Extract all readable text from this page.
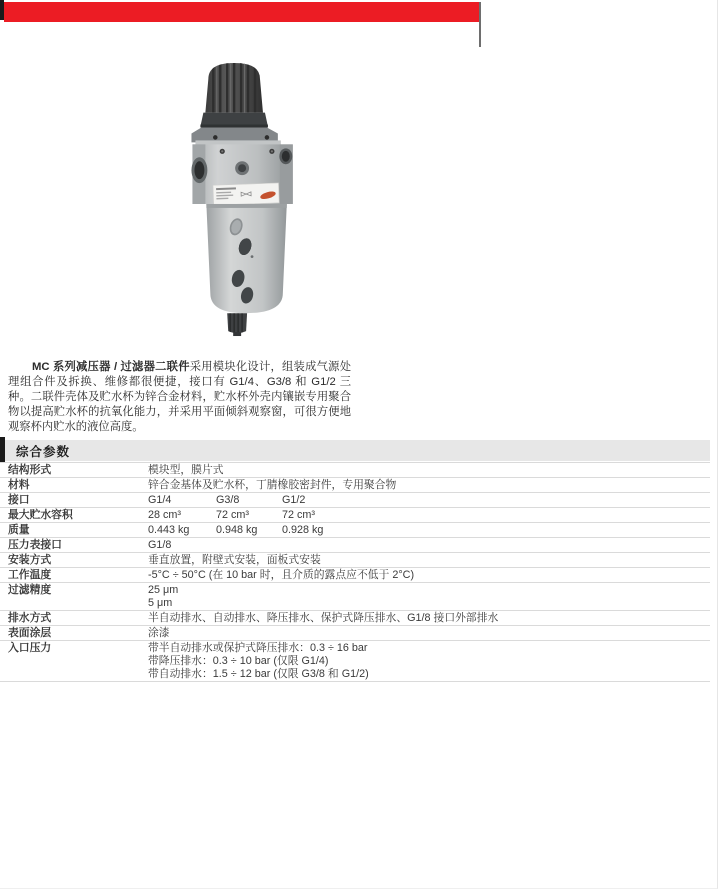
MC 系列减压器 / 过滤器二联件采用模块化设计，组装成气源处理组合件及拆换、维修都很便捷，接口有 G1/4、G3/8 和 G1/2 三种。二联件壳体及贮水杯为锌合金材料，贮水杯外壳内镶嵌专用聚合物以提高贮水杯的抗氧化能力，并采用平面倾斜观察窗，可很方便地观察杯内贮水的液位高度。

综合参数
结构形式	模块型，膜片式
材料	锌合金基体及贮水杯，丁腈橡胶密封件，专用聚合物
接口	G1/4	G3/8	G1/2
最大贮水容积	28 cm³	72 cm³	72 cm³
质量	0.443 kg 0.948 kg 0.928 kg
压力表接口	G1/8
安装方式	垂直放置，附壁式安装，面板式安装
工作温度	-5°C ÷ 50°C (在 10 bar 时，且介质的露点应不低于 2°C)
过滤精度	25 μm
5 μm
排水方式	半自动排水、自动排水、降压排水、保护式降压排水、G1/8 接口外部排水
表面涂层	涂漆
入口压力	带半自动排水或保护式降压排水：0.3 ÷ 16 bar
带降压排水：0.3 ÷ 10 bar (仅限 G1/4)
带自动排水：1.5 ÷ 12 bar (仅限 G3/8 和 G1/2)
